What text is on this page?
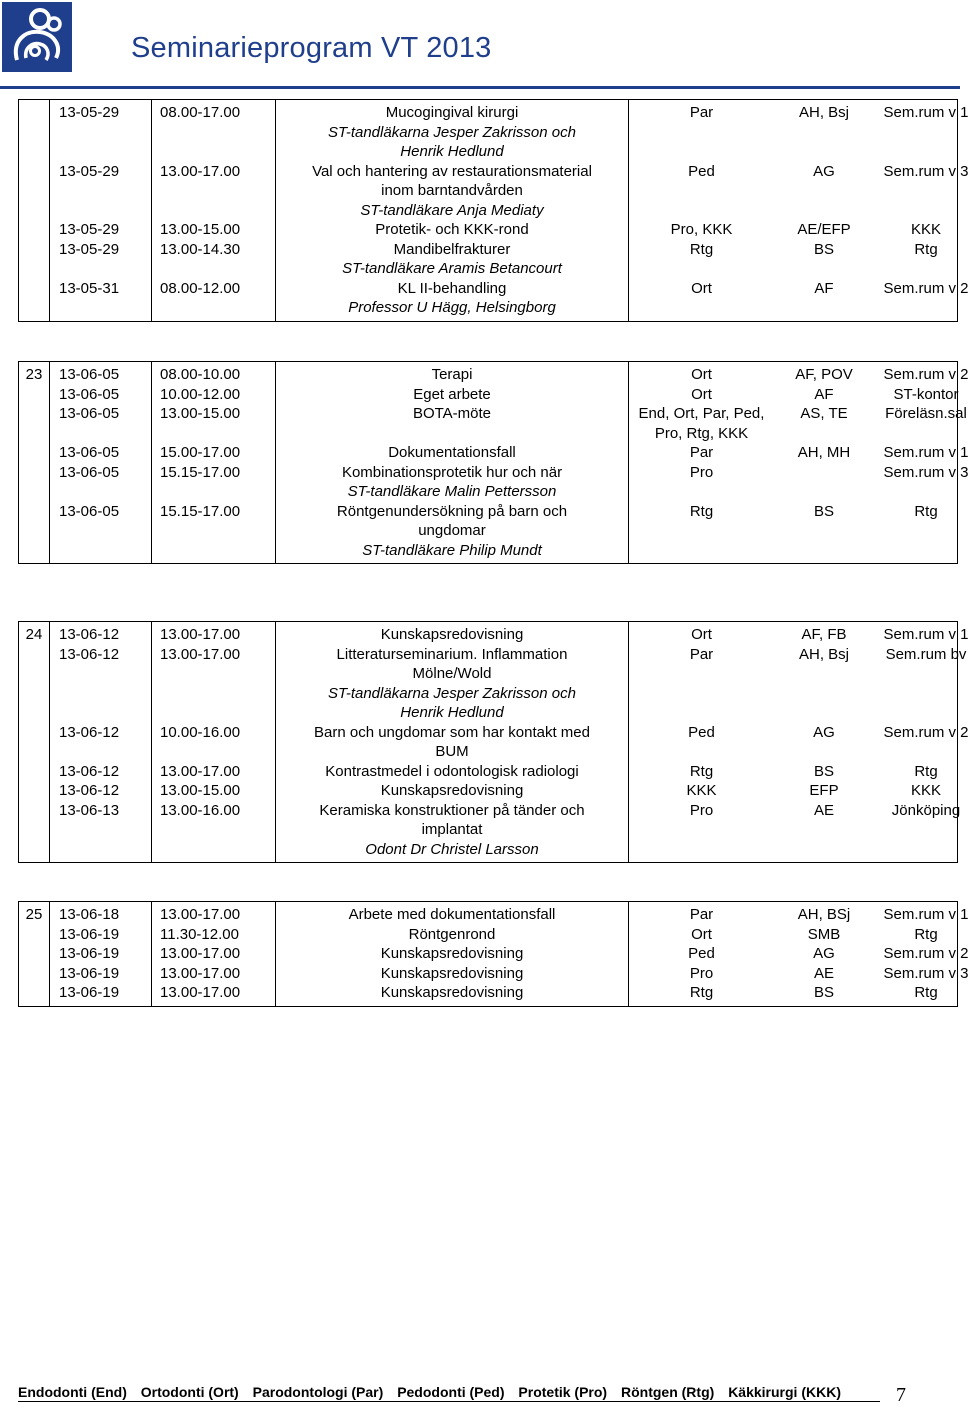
Seminarieprogram VT 2013

	13-05-29	08.00-17.00	Mucogingival kirurgi
ST-tandläkarna Jesper Zakrisson och
Henrik Hedlund	Par	AH, Bsj	Sem.rum v 1
	13-05-29	13.00-17.00	Val och hantering av restaurationsmaterial
inom barntandvården
ST-tandläkare Anja Mediaty	Ped	AG	Sem.rum v 3
	13-05-29	13.00-15.00	Protetik- och KKK-rond	Pro, KKK	AE/EFP	KKK
	13-05-29	13.00-14.30	Mandibelfrakturer
ST-tandläkare Aramis Betancourt	Rtg	BS	Rtg
	13-05-31	08.00-12.00	KL II-behandling
Professor U Hägg, Helsingborg	Ort	AF	Sem.rum v 2

23	13-06-05	08.00-10.00	Terapi	Ort	AF, POV	Sem.rum v 2
	13-06-05	10.00-12.00	Eget arbete	Ort	AF	ST-kontor
	13-06-05	13.00-15.00	BOTA-möte	End, Ort, Par, Ped, Pro, Rtg, KKK	AS, TE	Föreläsn.sal
	13-06-05	15.00-17.00	Dokumentationsfall	Par	AH, MH	Sem.rum v 1
	13-06-05	15.15-17.00	Kombinationsprotetik hur och när
ST-tandläkare Malin Pettersson	Pro		Sem.rum v 3
	13-06-05	15.15-17.00	Röntgenundersökning på barn och
ungdomar
ST-tandläkare Philip Mundt	Rtg	BS	Rtg

24	13-06-12	13.00-17.00	Kunskapsredovisning	Ort	AF, FB	Sem.rum v 1
	13-06-12	13.00-17.00	Litteraturseminarium. Inflammation
Mölne/Wold
ST-tandläkarna Jesper Zakrisson och
Henrik Hedlund	Par	AH, Bsj	Sem.rum bv
	13-06-12	10.00-16.00	Barn och ungdomar som har kontakt med
BUM	Ped	AG	Sem.rum v 2
	13-06-12	13.00-17.00	Kontrastmedel i odontologisk radiologi	Rtg	BS	Rtg
	13-06-12	13.00-15.00	Kunskapsredovisning	KKK	EFP	KKK
	13-06-13	13.00-16.00	Keramiska konstruktioner på tänder och
implantat
Odont Dr Christel Larsson	Pro	AE	Jönköping

25	13-06-18	13.00-17.00	Arbete med dokumentationsfall	Par	AH, BSj	Sem.rum v 1
	13-06-19	11.30-12.00	Röntgenrond	Ort	SMB	Rtg
	13-06-19	13.00-17.00	Kunskapsredovisning	Ped	AG	Sem.rum v 2
	13-06-19	13.00-17.00	Kunskapsredovisning	Pro	AE	Sem.rum v 3
	13-06-19	13.00-17.00	Kunskapsredovisning	Rtg	BS	Rtg

Endodonti (End) Ortodonti (Ort) Parodontologi (Par) Pedodonti (Ped) Protetik (Pro) Röntgen (Rtg) Käkkirurgi (KKK)	7
